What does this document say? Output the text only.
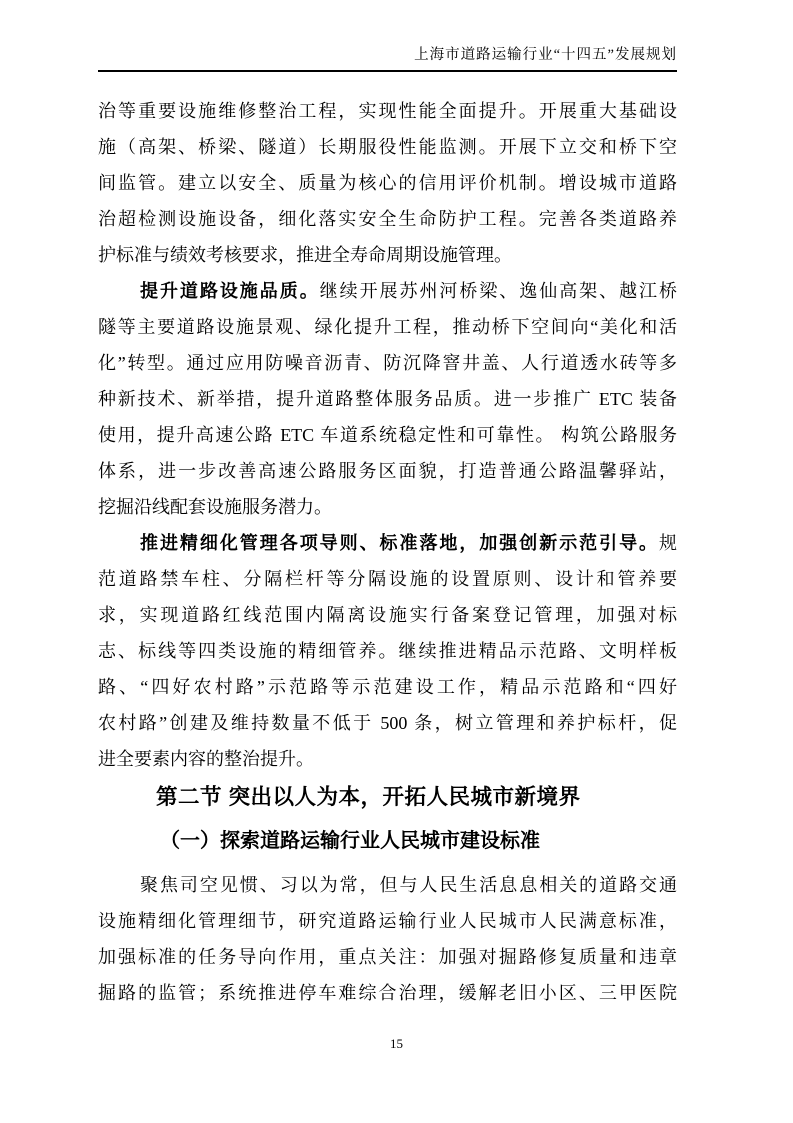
上海市道路运输行业“十四五”发展规划
治等重要设施维修整治工程，实现性能全面提升。开展重大基础设
施（高架、桥梁、隧道）长期服役性能监测。开展下立交和桥下空
间监管。建立以安全、质量为核心的信用评价机制。增设城市道路
治超检测设施设备，细化落实安全生命防护工程。完善各类道路养
护标准与绩效考核要求，推进全寿命周期设施管理。
提升道路设施品质。继续开展苏州河桥梁、逸仙高架、越江桥
隧等主要道路设施景观、绿化提升工程，推动桥下空间向“美化和活
化”转型。通过应用防噪音沥青、防沉降窨井盖、人行道透水砖等多
种新技术、新举措，提升道路整体服务品质。进一步推广 ETC 装备
使用，提升高速公路 ETC 车道系统稳定性和可靠性。 构筑公路服务
体系，进一步改善高速公路服务区面貌，打造普通公路温馨驿站，
挖掘沿线配套设施服务潜力。
推进精细化管理各项导则、标准落地，加强创新示范引导。规
范道路禁车柱、分隔栏杆等分隔设施的设置原则、设计和管养要
求，实现道路红线范围内隔离设施实行备案登记管理，加强对标
志、标线等四类设施的精细管养。继续推进精品示范路、文明样板
路、“四好农村路”示范路等示范建设工作，精品示范路和“四好
农村路”创建及维持数量不低于 500 条，树立管理和养护标杆，促
进全要素内容的整治提升。
第二节 突出以人为本，开拓人民城市新境界
（一）探索道路运输行业人民城市建设标准
聚焦司空见惯、习以为常，但与人民生活息息相关的道路交通
设施精细化管理细节，研究道路运输行业人民城市人民满意标准，
加强标准的任务导向作用，重点关注：加强对掘路修复质量和违章
掘路的监管；系统推进停车难综合治理，缓解老旧小区、三甲医院
15
